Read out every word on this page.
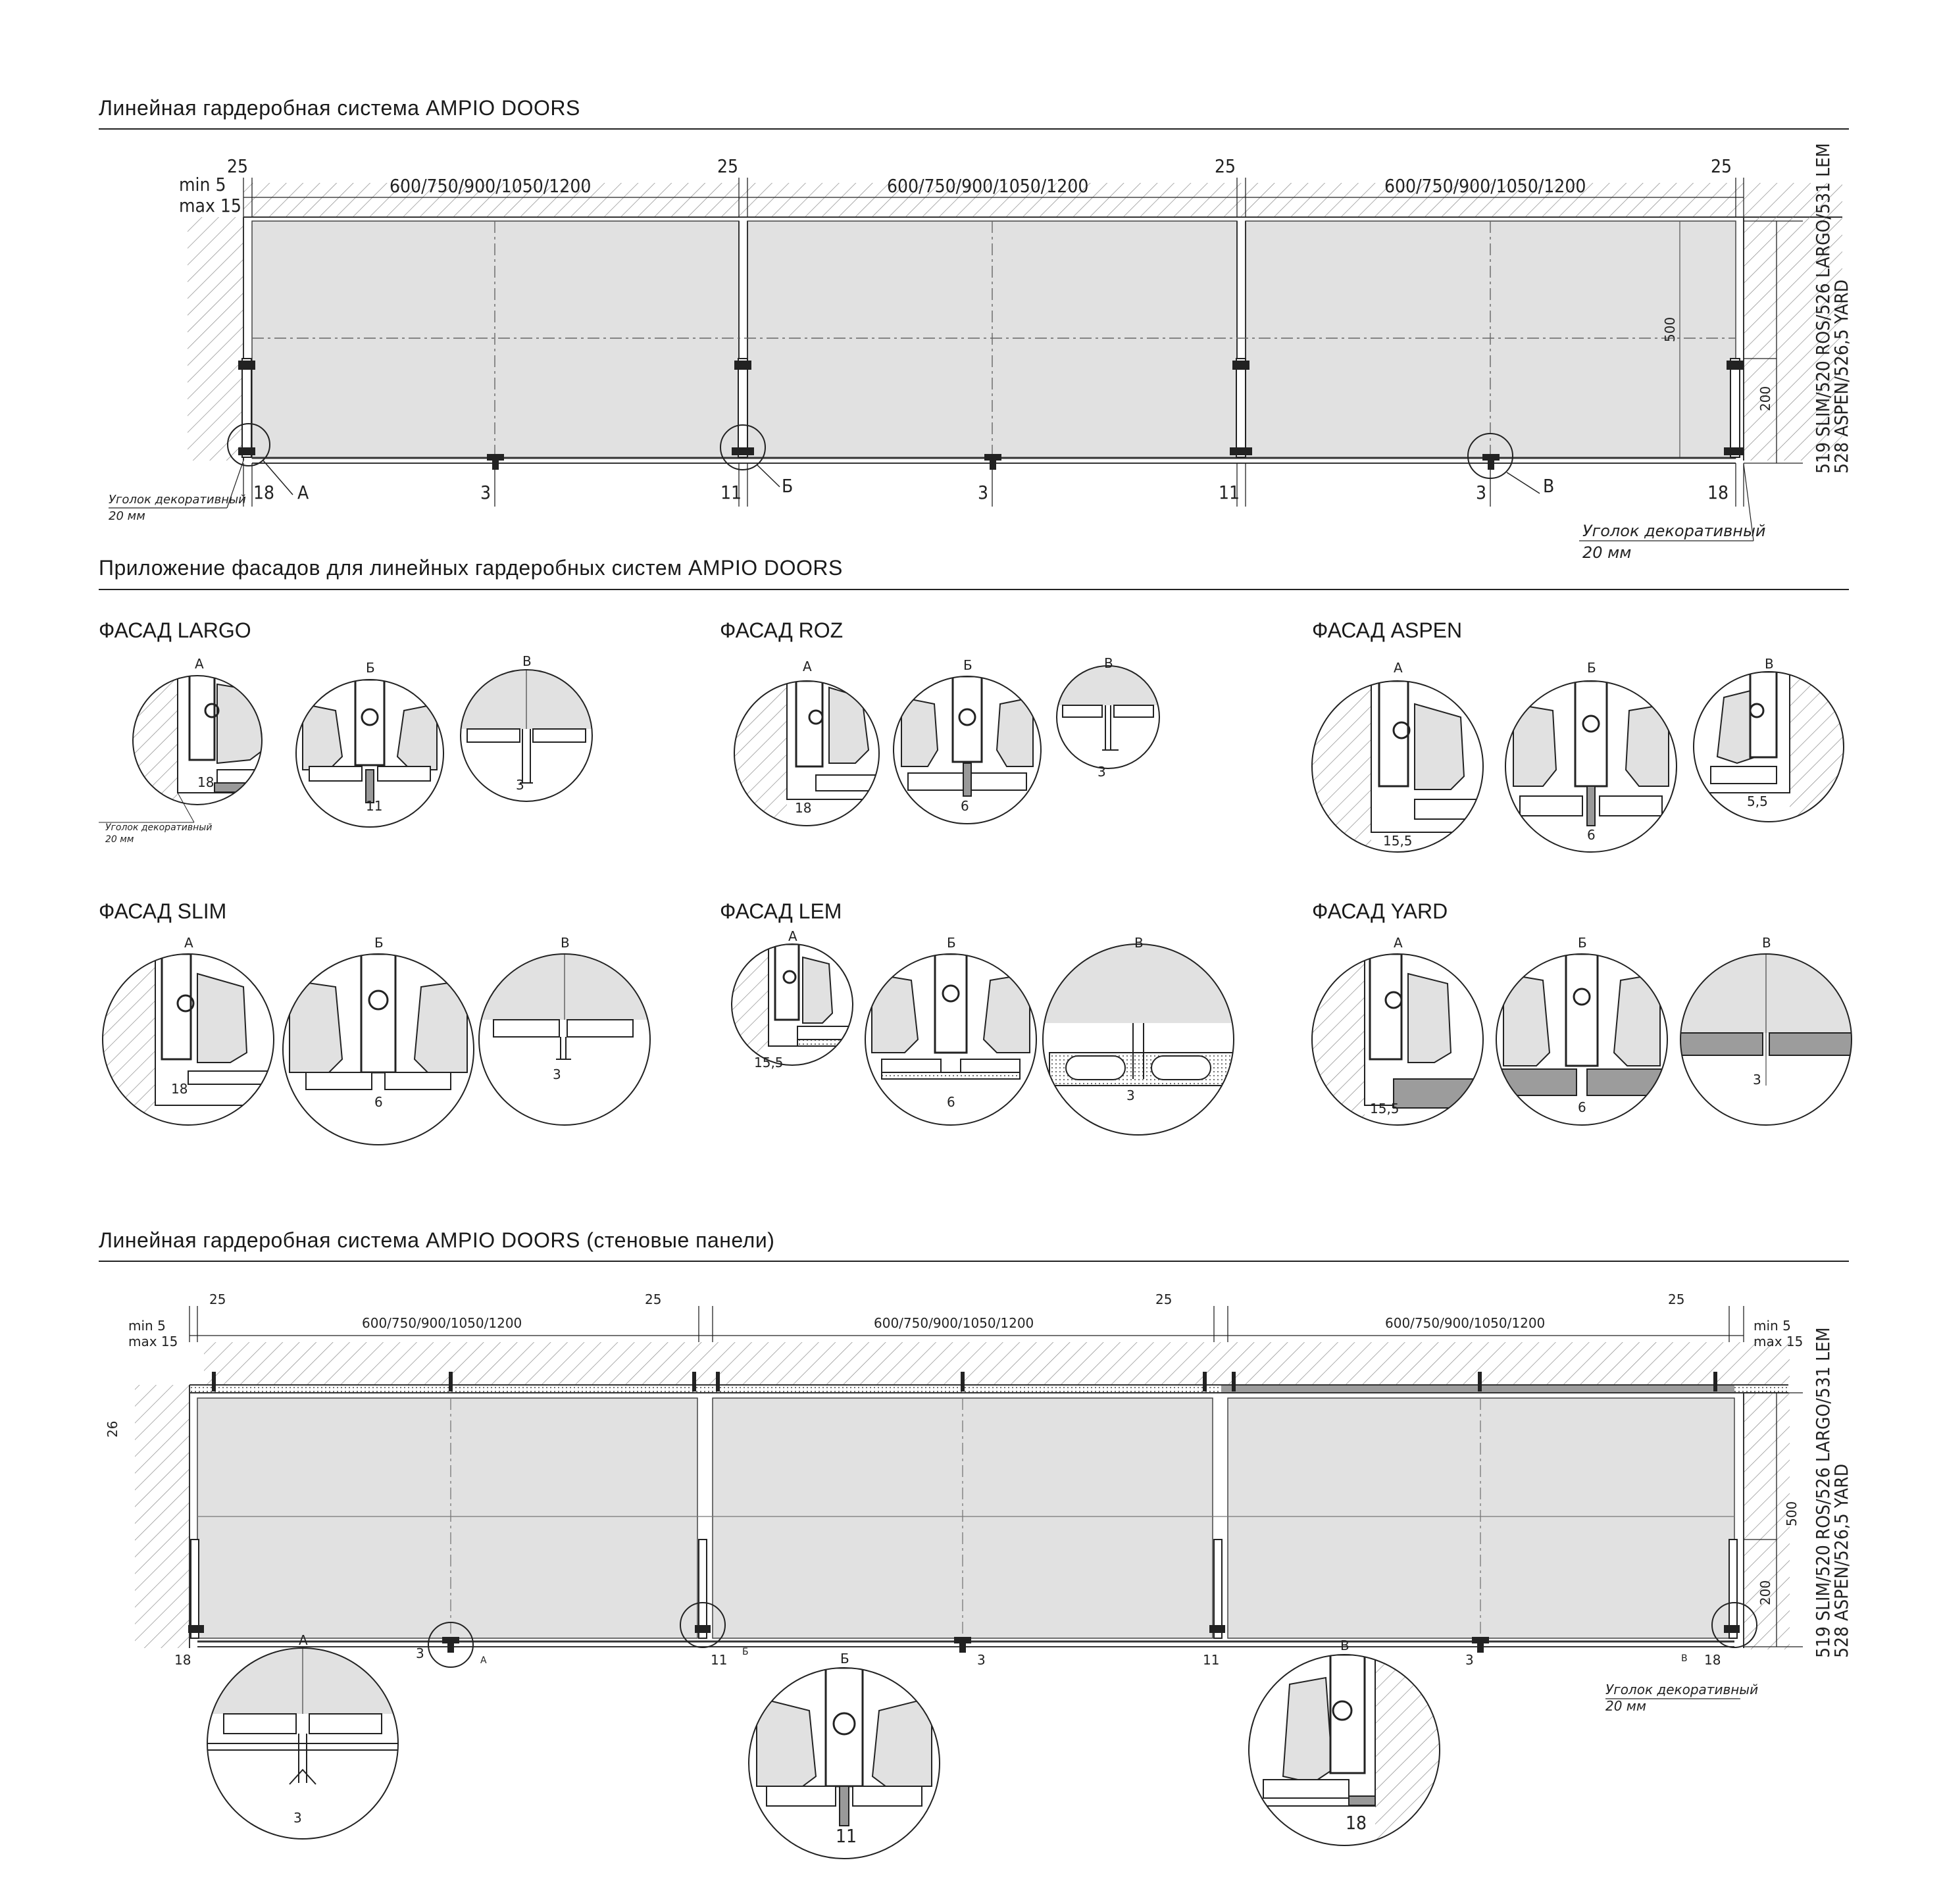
Линейная гардеробная система AMPIO DOORS
Приложение фасадов для линейных гардеробных систем AMPIO DOORS
Линейная гардеробная система AMPIO DOORS (стеновые панели)
ФАСАД LARGO	ФАСАД ROZ	ФАСАД ASPEN
ФАСАД SLIM	ФАСАД LEM	ФАСАД YARD
25	25	25	25
600/750/900/1050/1200	600/750/900/1050/1200	600/750/900/1050/1200
min 5
max 15
500
200 519 SLIM/520 ROS/526 LARGO/531 LEM
528 ASPEN/526,5 YARD
18	18
11	11
3	3	3
А	Б	В
Уголок декоративный
20 мм
Уголок декоративный
20 мм
А
18
Уголок декоративный
20 мм
Б
11
В
3
А
18
Б
6
В
3
А
15,5
Б
6
В
5,5
А
18
Б
6
В
3
А
15,5
Б
6
В
3
А
15,5
Б
6
В
3
25	25	25	25
600/750/900/1050/1200	600/750/900/1050/1200	600/750/900/1050/1200
min 5
max 15
min 5
max 15
26
500
200 519 SLIM/520 ROS/526 LARGO/531 LEM
528 ASPEN/526,5 YARD
18	18
11	11
3	3	3
А
Б
В
Уголок декоративный
20 мм
А
3
Б
11
В
18
